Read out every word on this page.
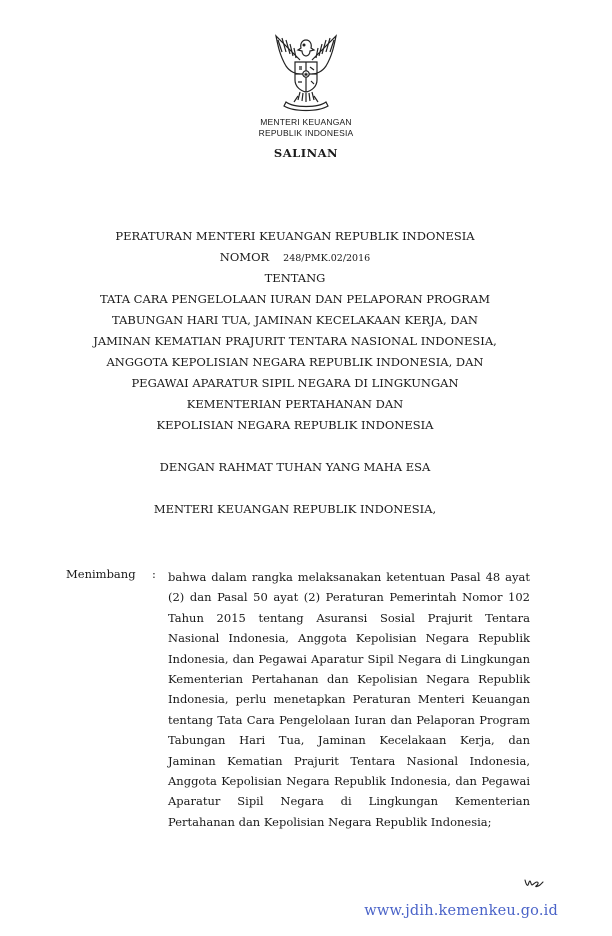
MENTERI KEUANGAN
REPUBLIK INDONESIA
SALINAN
PERATURAN MENTERI KEUANGAN REPUBLIK INDONESIA
NOMOR 248/PMK.02/2016
TENTANG
TATA CARA PENGELOLAAN IURAN DAN PELAPORAN PROGRAM
TABUNGAN HARI TUA, JAMINAN KECELAKAAN KERJA, DAN
JAMINAN KEMATIAN PRAJURIT TENTARA NASIONAL INDONESIA,
ANGGOTA KEPOLISIAN NEGARA REPUBLIK INDONESIA, DAN
PEGAWAI APARATUR SIPIL NEGARA DI LINGKUNGAN
KEMENTERIAN PERTAHANAN DAN
KEPOLISIAN NEGARA REPUBLIK INDONESIA
DENGAN RAHMAT TUHAN YANG MAHA ESA
MENTERI KEUANGAN REPUBLIK INDONESIA,
Menimbang : bahwa dalam rangka melaksanakan ketentuan Pasal 48 ayat
(2) dan Pasal 50 ayat (2) Peraturan Pemerintah Nomor 102
Tahun 2015 tentang Asuransi Sosial Prajurit Tentara
Nasional Indonesia, Anggota Kepolisian Negara Republik
Indonesia, dan Pegawai Aparatur Sipil Negara di Lingkungan
Kementerian Pertahanan dan Kepolisian Negara Republik
Indonesia, perlu menetapkan Peraturan Menteri Keuangan
tentang Tata Cara Pengelolaan Iuran dan Pelaporan Program
Tabungan Hari Tua, Jaminan Kecelakaan Kerja, dan
Jaminan Kematian Prajurit Tentara Nasional Indonesia,
Anggota Kepolisian Negara Republik Indonesia, dan Pegawai
Aparatur Sipil Negara di Lingkungan Kementerian
Pertahanan dan Kepolisian Negara Republik Indonesia;
www.jdih.kemenkeu.go.id
